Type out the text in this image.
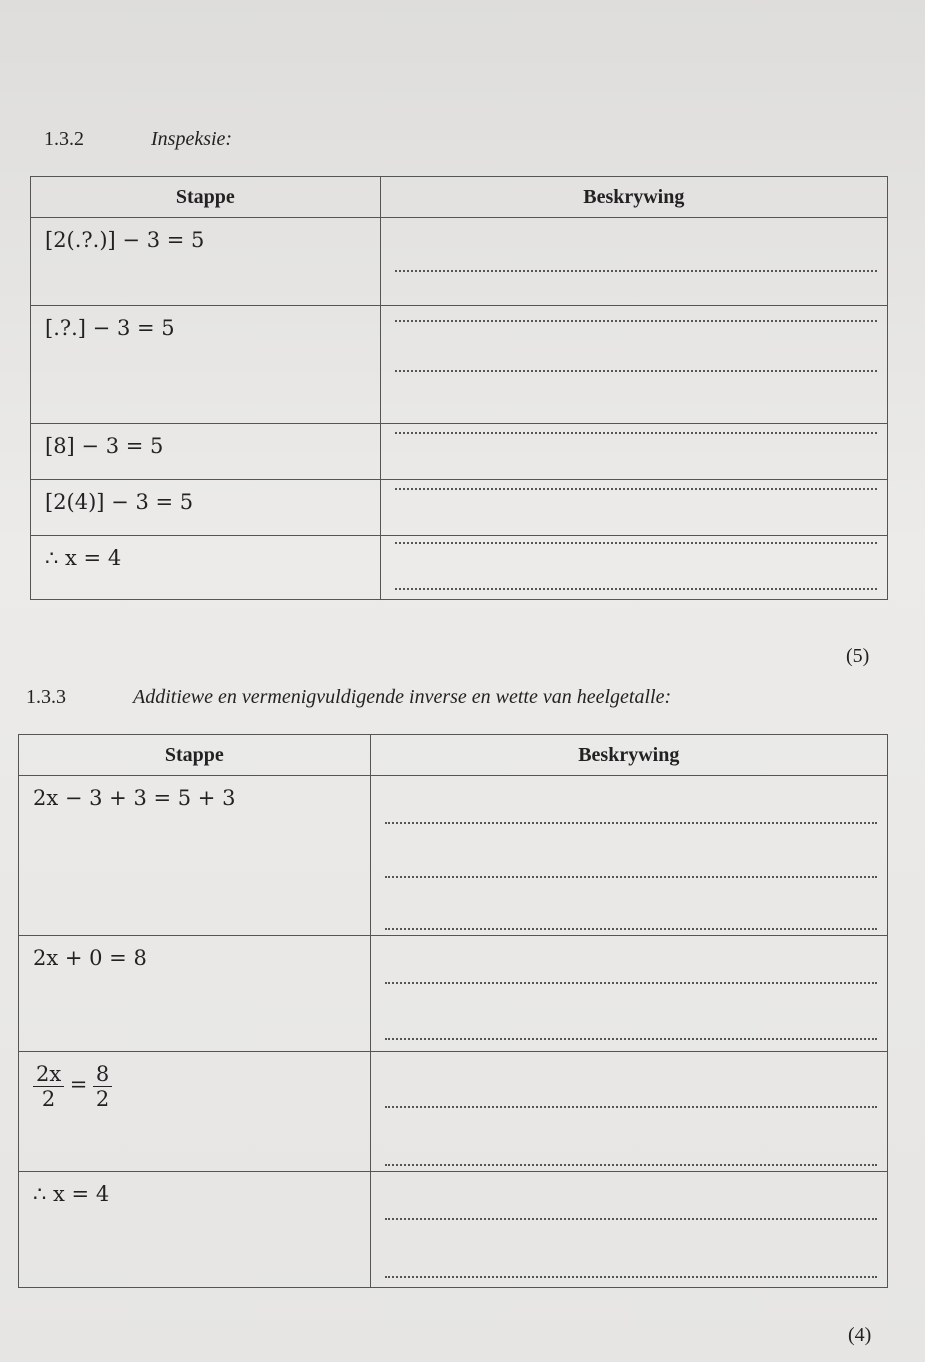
1.3.2	Inspeksie:
Stappe	Beskrywing
[2(.?.)] − 3 = 5	

[.?.] − 3 = 5	

[8] − 3 = 5	

[2(4)] − 3 = 5	

∴ x = 4	
(5)
1.3.3	Additiewe en vermenigvuldigende inverse en wette van heelgetalle:
Stappe	Beskrywing
2x − 3 + 3 = 5 + 3	

2x + 0 = 8	

$\frac{2x}{2} = \frac{8}{2}$

∴ x = 4	
(4)
